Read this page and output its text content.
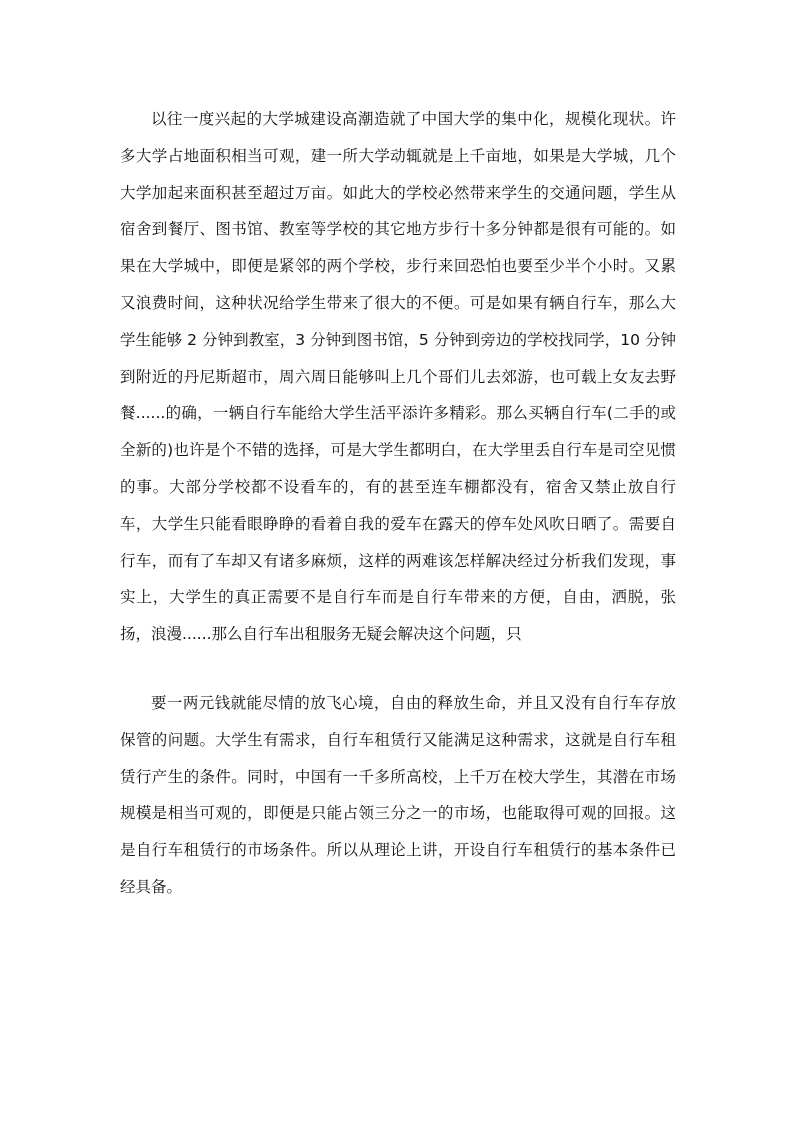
以往一度兴起的大学城建设高潮造就了中国大学的集中化，规模化现状。许多大学占地面积相当可观，建一所大学动辄就是上千亩地，如果是大学城，几个大学加起来面积甚至超过万亩。如此大的学校必然带来学生的交通问题，学生从宿舍到餐厅、图书馆、教室等学校的其它地方步行十多分钟都是很有可能的。如果在大学城中，即便是紧邻的两个学校，步行来回恐怕也要至少半个小时。又累又浪费时间，这种状况给学生带来了很大的不便。可是如果有辆自行车，那么大学生能够 2 分钟到教室，3 分钟到图书馆，5 分钟到旁边的学校找同学，10 分钟到附近的丹尼斯超市，周六周日能够叫上几个哥们儿去郊游，也可载上女友去野餐......的确，一辆自行车能给大学生活平添许多精彩。那么买辆自行车(二手的或全新的)也许是个不错的选择，可是大学生都明白，在大学里丢自行车是司空见惯的事。大部分学校都不设看车的，有的甚至连车棚都没有，宿舍又禁止放自行车，大学生只能看眼睁睁的看着自我的爱车在露天的停车处风吹日晒了。需要自行车，而有了车却又有诸多麻烦，这样的两难该怎样解决经过分析我们发现，事实上，大学生的真正需要不是自行车而是自行车带来的方便，自由，洒脱，张扬，浪漫......那么自行车出租服务无疑会解决这个问题，只

要一两元钱就能尽情的放飞心境，自由的释放生命，并且又没有自行车存放保管的问题。大学生有需求，自行车租赁行又能满足这种需求，这就是自行车租赁行产生的条件。同时，中国有一千多所高校，上千万在校大学生，其潜在市场规模是相当可观的，即便是只能占领三分之一的市场，也能取得可观的回报。这是自行车租赁行的市场条件。所以从理论上讲，开设自行车租赁行的基本条件已经具备。
